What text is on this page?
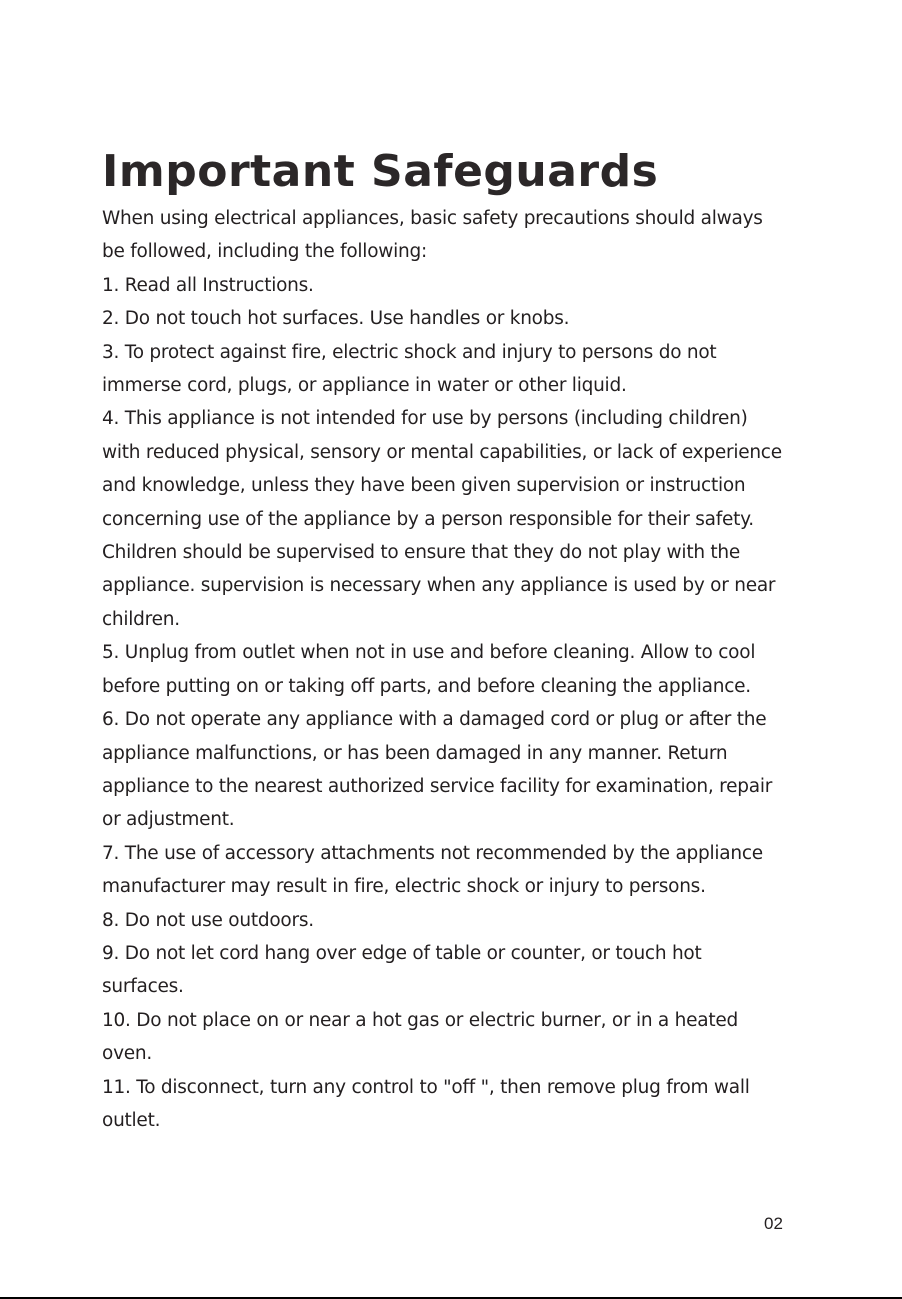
Important Safeguards
When using electrical appliances, basic safety precautions should always
be followed, including the following:
1. Read all Instructions.
2. Do not touch hot surfaces. Use handles or knobs.
3. To protect against fire, electric shock and injury to persons do not
immerse cord, plugs, or appliance in water or other liquid.
4. This appliance is not intended for use by persons (including children)
with reduced physical, sensory or mental capabilities, or lack of experience
and knowledge, unless they have been given supervision or instruction
concerning use of the appliance by a person responsible for their safety.
Children should be supervised to ensure that they do not play with the
appliance. supervision is necessary when any appliance is used by or near
children.
5. Unplug from outlet when not in use and before cleaning. Allow to cool
before putting on or taking off parts, and before cleaning the appliance.
6. Do not operate any appliance with a damaged cord or plug or after the
appliance malfunctions, or has been damaged in any manner. Return
appliance to the nearest authorized service facility for examination, repair
or adjustment.
7. The use of accessory attachments not recommended by the appliance
manufacturer may result in fire, electric shock or injury to persons.
8. Do not use outdoors.
9. Do not let cord hang over edge of table or counter, or touch hot
surfaces.
10. Do not place on or near a hot gas or electric burner, or in a heated
oven.
11. To disconnect, turn any control to "off ", then remove plug from wall
outlet.
02
